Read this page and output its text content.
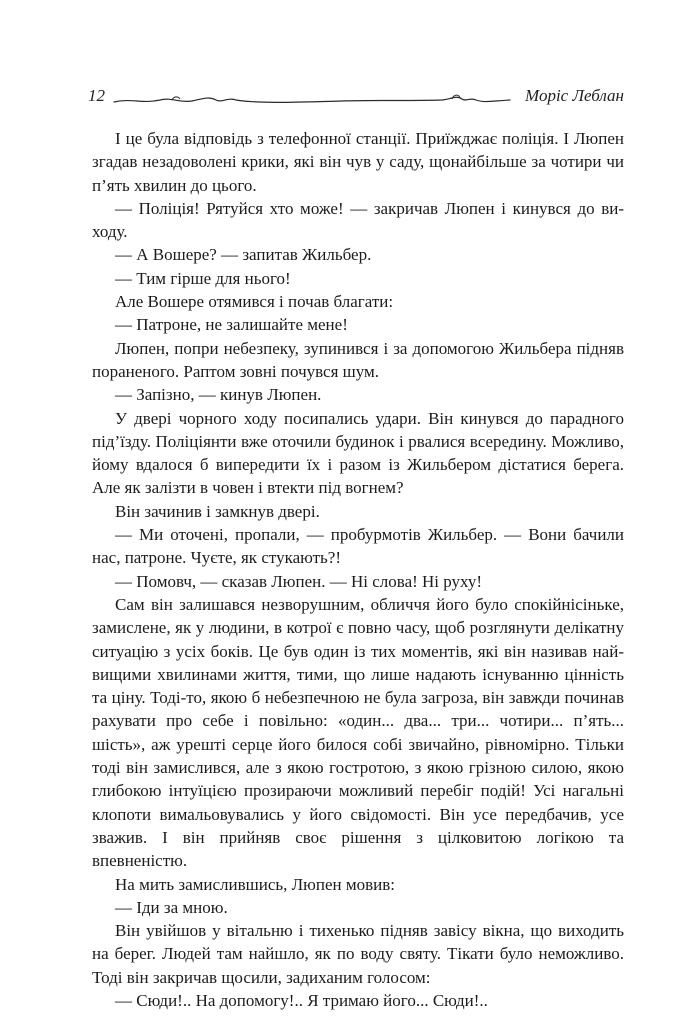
12	Моріс Леблан

І це була відповідь з телефонної станції. Приїжджає поліція. І Люпен згадав незадоволені крики, які він чув у саду, щонайбільше за чотири чи п’ять хвилин до цього.

— Поліція! Рятуйся хто може! — закричав Люпен і кинувся до виходу.

— А Вошере? — запитав Жильбер.

— Тим гірше для нього!

Але Вошере отямився і почав благати:

— Патроне, не залишайте мене!

Люпен, попри небезпеку, зупинився і за допомогою Жильбера підняв пораненого. Раптом зовні почувся шум.

— Запізно, — кинув Люпен.

У двері чорного ходу посипались удари. Він кинувся до парадного під’їзду. Поліціянти вже оточили будинок і рвалися всередину. Можливо, йому вдалося б випередити їх і разом із Жильбером дістатися берега. Але як залізти в човен і втекти під вогнем?

Він зачинив і замкнув двері.

— Ми оточені, пропали, — пробурмотів Жильбер. — Вони бачили нас, патроне. Чуєте, як стукають?!

— Помовч, — сказав Люпен. — Ні слова! Ні руху!

Сам він залишався незворушним, обличчя його було спокійнісіньке, замислене, як у людини, в котрої є повно часу, щоб розглянути делікатну ситуацію з усіх боків. Це був один із тих моментів, які він називав найвищими хвилинами життя, тими, що лише надають існуванню цінність та ціну. Тоді-то, якою б небезпечною не була загроза, він завжди починав рахувати про себе і повільно: «один... два... три... чотири... п’ять... шість», аж урешті серце його билося собі звичайно, рівномірно. Тільки тоді він замислився, але з якою гостротою, з якою грізною силою, якою глибокою інтуїцією прозираючи можливий перебіг подій! Усі нагальні клопоти вимальовувались у його свідомості. Він усе передбачив, усе зважив. І він прийняв своє рішення з цілковитою логікою та впевненістю.

На мить замислившись, Люпен мовив:

— Іди за мною.

Він увійшов у вітальню і тихенько підняв завісу вікна, що виходить на берег. Людей там найшло, як по воду святу. Тікати було неможливо. Тоді він закричав щосили, задиханим голосом:

— Сюди!.. На допомогу!.. Я тримаю його... Сюди!..
